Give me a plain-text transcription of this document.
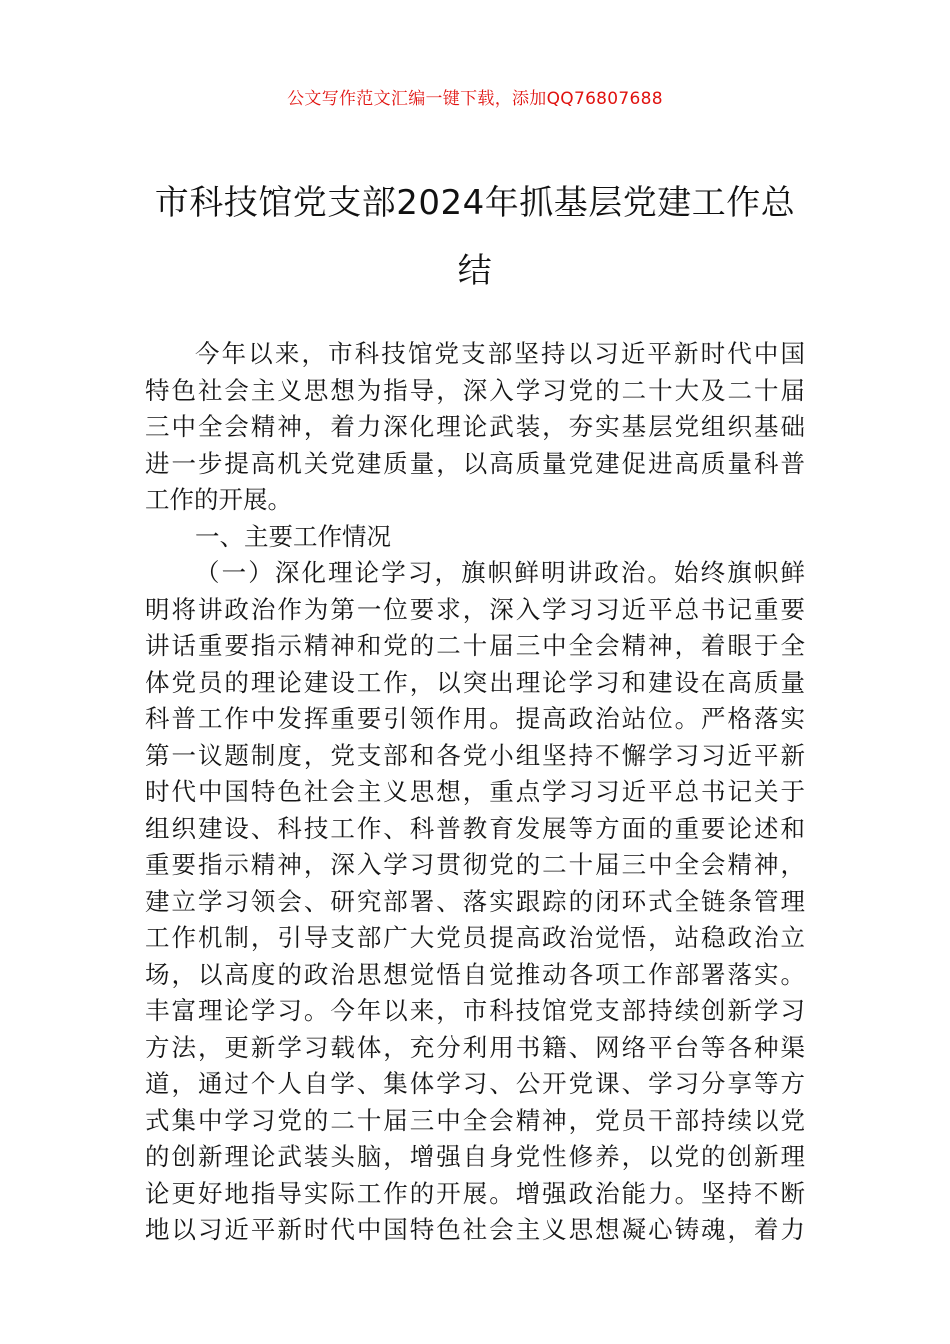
公文写作范文汇编一键下载，添加QQ76807688
市科技馆党支部2024年抓基层党建工作总
结
今年以来，市科技馆党支部坚持以习近平新时代中国
特色社会主义思想为指导，深入学习党的二十大及二十届
三中全会精神，着力深化理论武装，夯实基层党组织基础
进一步提高机关党建质量，以高质量党建促进高质量科普
工作的开展。
一、主要工作情况
（一）深化理论学习，旗帜鲜明讲政治。始终旗帜鲜
明将讲政治作为第一位要求，深入学习习近平总书记重要
讲话重要指示精神和党的二十届三中全会精神，着眼于全
体党员的理论建设工作，以突出理论学习和建设在高质量
科普工作中发挥重要引领作用。提高政治站位。严格落实
第一议题制度，党支部和各党小组坚持不懈学习习近平新
时代中国特色社会主义思想，重点学习习近平总书记关于
组织建设、科技工作、科普教育发展等方面的重要论述和
重要指示精神，深入学习贯彻党的二十届三中全会精神，
建立学习领会、研究部署、落实跟踪的闭环式全链条管理
工作机制，引导支部广大党员提高政治觉悟，站稳政治立
场，以高度的政治思想觉悟自觉推动各项工作部署落实。
丰富理论学习。今年以来，市科技馆党支部持续创新学习
方法，更新学习载体，充分利用书籍、网络平台等各种渠
道，通过个人自学、集体学习、公开党课、学习分享等方
式集中学习党的二十届三中全会精神，党员干部持续以党
的创新理论武装头脑，增强自身党性修养，以党的创新理
论更好地指导实际工作的开展。增强政治能力。坚持不断
地以习近平新时代中国特色社会主义思想凝心铸魂，着力
